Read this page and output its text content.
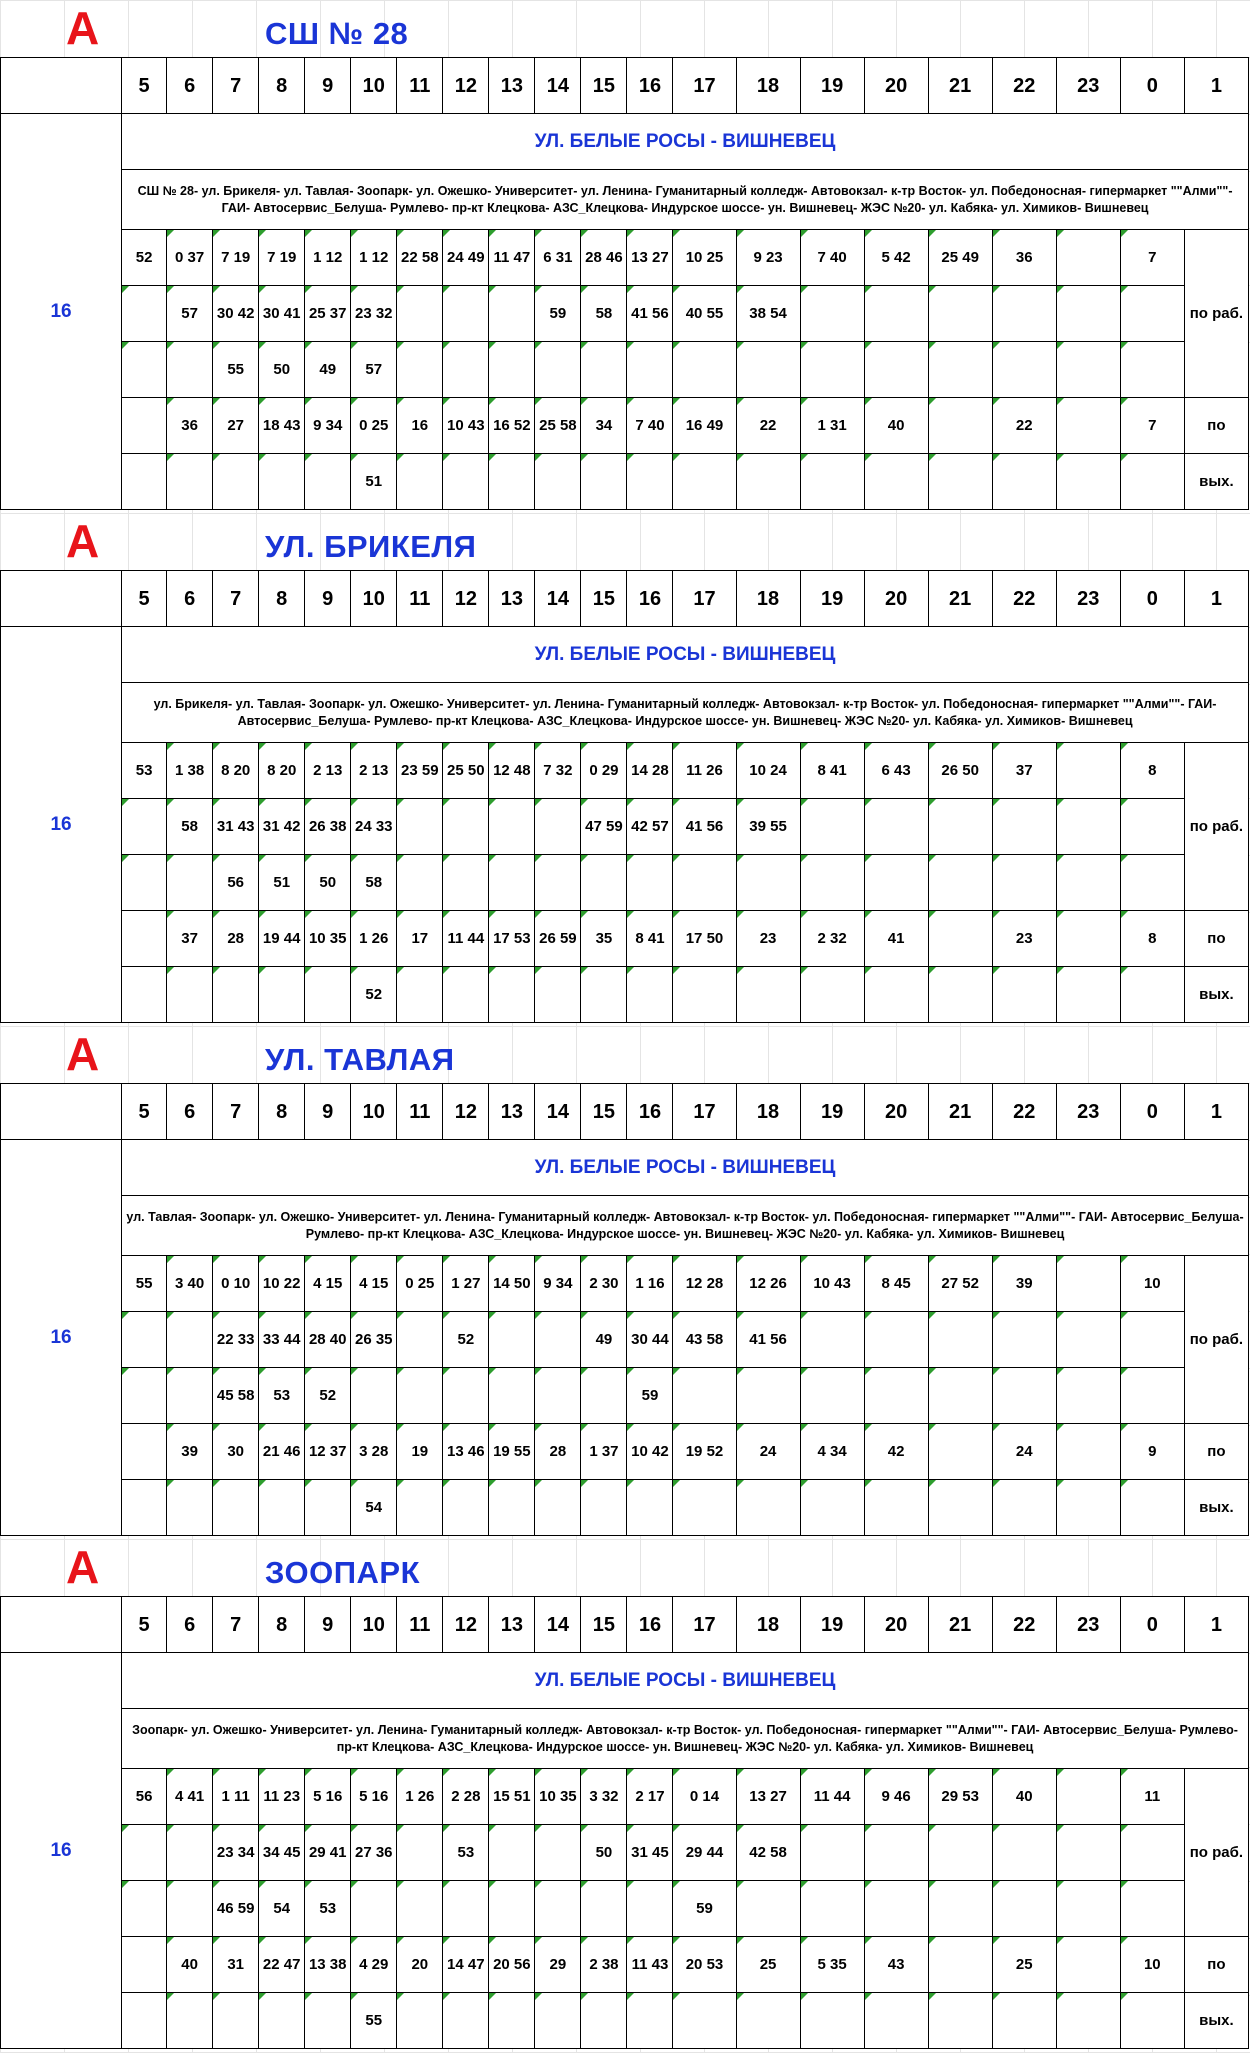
А	СШ № 28
	5	6	7	8	9	10	11	12	13	14	15	16	17	18	19	20	21	22	23	0	1
16	УЛ. БЕЛЫЕ РОСЫ - ВИШНЕВЕЦ																				
	СШ № 28- ул. Брикеля- ул. Тавлая- Зоопарк- ул. Ожешко- Университет- ул. Ленина- Гуманитарный колледж- Автовокзал- к-тр Восток- ул. Победоносная- гипермаркет ""Алми""- ГАИ- Автосервис_Белуша- Румлево- пр-кт Клецкова- АЗС_Клецкова- Индурское шоссе- ун. Вишневец- ЖЭС №20- ул. Кабяка- ул. Химиков- Вишневец																				
	52	0 37	7 19	7 19	1 12	1 12	22 58	24 49	11 47	6 31	28 46	13 27	10 25	9 23	7 40	5 42	25 49	36		7	по раб.
		57	30 42	30 41	25 37	23 32				59	58	41 56	40 55	38 54							
			55	50	49	57															
		36	27	18 43	9 34	0 25	16	10 43	16 52	25 58	34	7 40	16 49	22	1 31	40		22		7	по
						51															вых.
А	УЛ. БРИКЕЛЯ
	5	6	7	8	9	10	11	12	13	14	15	16	17	18	19	20	21	22	23	0	1
16	УЛ. БЕЛЫЕ РОСЫ - ВИШНЕВЕЦ																				
	ул. Брикеля- ул. Тавлая- Зоопарк- ул. Ожешко- Университет- ул. Ленина- Гуманитарный колледж- Автовокзал- к-тр Восток- ул. Победоносная- гипермаркет ""Алми""- ГАИ- Автосервис_Белуша- Румлево- пр-кт Клецкова- АЗС_Клецкова- Индурское шоссе- ун. Вишневец- ЖЭС №20- ул. Кабяка- ул. Химиков- Вишневец																				
	53	1 38	8 20	8 20	2 13	2 13	23 59	25 50	12 48	7 32	0 29	14 28	11 26	10 24	8 41	6 43	26 50	37		8	по раб.
		58	31 43	31 42	26 38	24 33					47 59	42 57	41 56	39 55							
			56	51	50	58															
		37	28	19 44	10 35	1 26	17	11 44	17 53	26 59	35	8 41	17 50	23	2 32	41		23		8	по
						52															вых.
А	УЛ. ТАВЛАЯ
	5	6	7	8	9	10	11	12	13	14	15	16	17	18	19	20	21	22	23	0	1
16	УЛ. БЕЛЫЕ РОСЫ - ВИШНЕВЕЦ																				
	ул. Тавлая- Зоопарк- ул. Ожешко- Университет- ул. Ленина- Гуманитарный колледж- Автовокзал- к-тр Восток- ул. Победоносная- гипермаркет ""Алми""- ГАИ- Автосервис_Белуша- Румлево- пр-кт Клецкова- АЗС_Клецкова- Индурское шоссе- ун. Вишневец- ЖЭС №20- ул. Кабяка- ул. Химиков- Вишневец																				
	55	3 40	0 10	10 22	4 15	4 15	0 25	1 27	14 50	9 34	2 30	1 16	12 28	12 26	10 43	8 45	27 52	39		10	по раб.
			22 33	33 44	28 40	26 35		52			49	30 44	43 58	41 56							
			45 58	53	52							59									
		39	30	21 46	12 37	3 28	19	13 46	19 55	28	1 37	10 42	19 52	24	4 34	42		24		9	по
						54															вых.
А	ЗООПАРК
	5	6	7	8	9	10	11	12	13	14	15	16	17	18	19	20	21	22	23	0	1
16	УЛ. БЕЛЫЕ РОСЫ - ВИШНЕВЕЦ																				
	Зоопарк- ул. Ожешко- Университет- ул. Ленина- Гуманитарный колледж- Автовокзал- к-тр Восток- ул. Победоносная- гипермаркет ""Алми""- ГАИ- Автосервис_Белуша- Румлево- пр-кт Клецкова- АЗС_Клецкова- Индурское шоссе- ун. Вишневец- ЖЭС №20- ул. Кабяка- ул. Химиков- Вишневец																				
	56	4 41	1 11	11 23	5 16	5 16	1 26	2 28	15 51	10 35	3 32	2 17	0 14	13 27	11 44	9 46	29 53	40		11	по раб.
			23 34	34 45	29 41	27 36		53			50	31 45	29 44	42 58							
			46 59	54	53								59								
		40	31	22 47	13 38	4 29	20	14 47	20 56	29	2 38	11 43	20 53	25	5 35	43		25		10	по
						55															вых.
